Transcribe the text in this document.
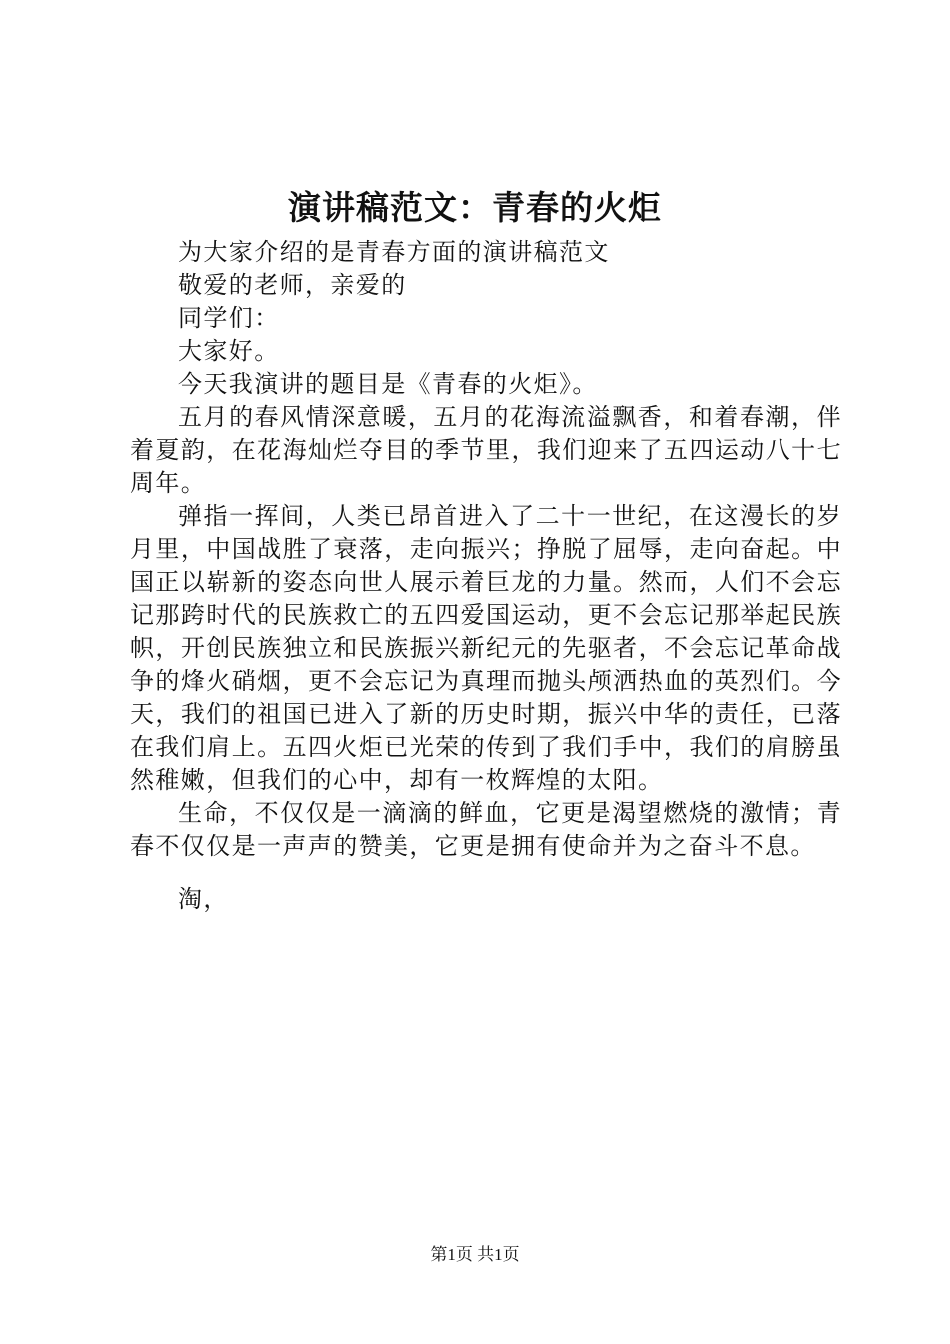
演讲稿范文：青春的火炬

为大家介绍的是青春方面的演讲稿范文

敬爱的老师，亲爱的

同学们：

大家好。

今天我演讲的题目是《青春的火炬》。

五月的春风情深意暖，五月的花海流溢飘香，和着春潮，伴着夏韵，在花海灿烂夺目的季节里，我们迎来了五四运动八十七周年。

弹指一挥间，人类已昂首进入了二十一世纪，在这漫长的岁月里，中国战胜了衰落，走向振兴；挣脱了屈辱，走向奋起。中国正以崭新的姿态向世人展示着巨龙的力量。然而，人们不会忘记那跨时代的民族救亡的五四爱国运动，更不会忘记那举起民族帜，开创民族独立和民族振兴新纪元的先驱者，不会忘记革命战争的烽火硝烟，更不会忘记为真理而抛头颅洒热血的英烈们。今天，我们的祖国已进入了新的历史时期，振兴中华的责任，已落在我们肩上。五四火炬已光荣的传到了我们手中，我们的肩膀虽然稚嫩，但我们的心中，却有一枚辉煌的太阳。

生命，不仅仅是一滴滴的鲜血，它更是渴望燃烧的激情；青春不仅仅是一声声的赞美，它更是拥有使命并为之奋斗不息。

淘，

第1页 共1页
